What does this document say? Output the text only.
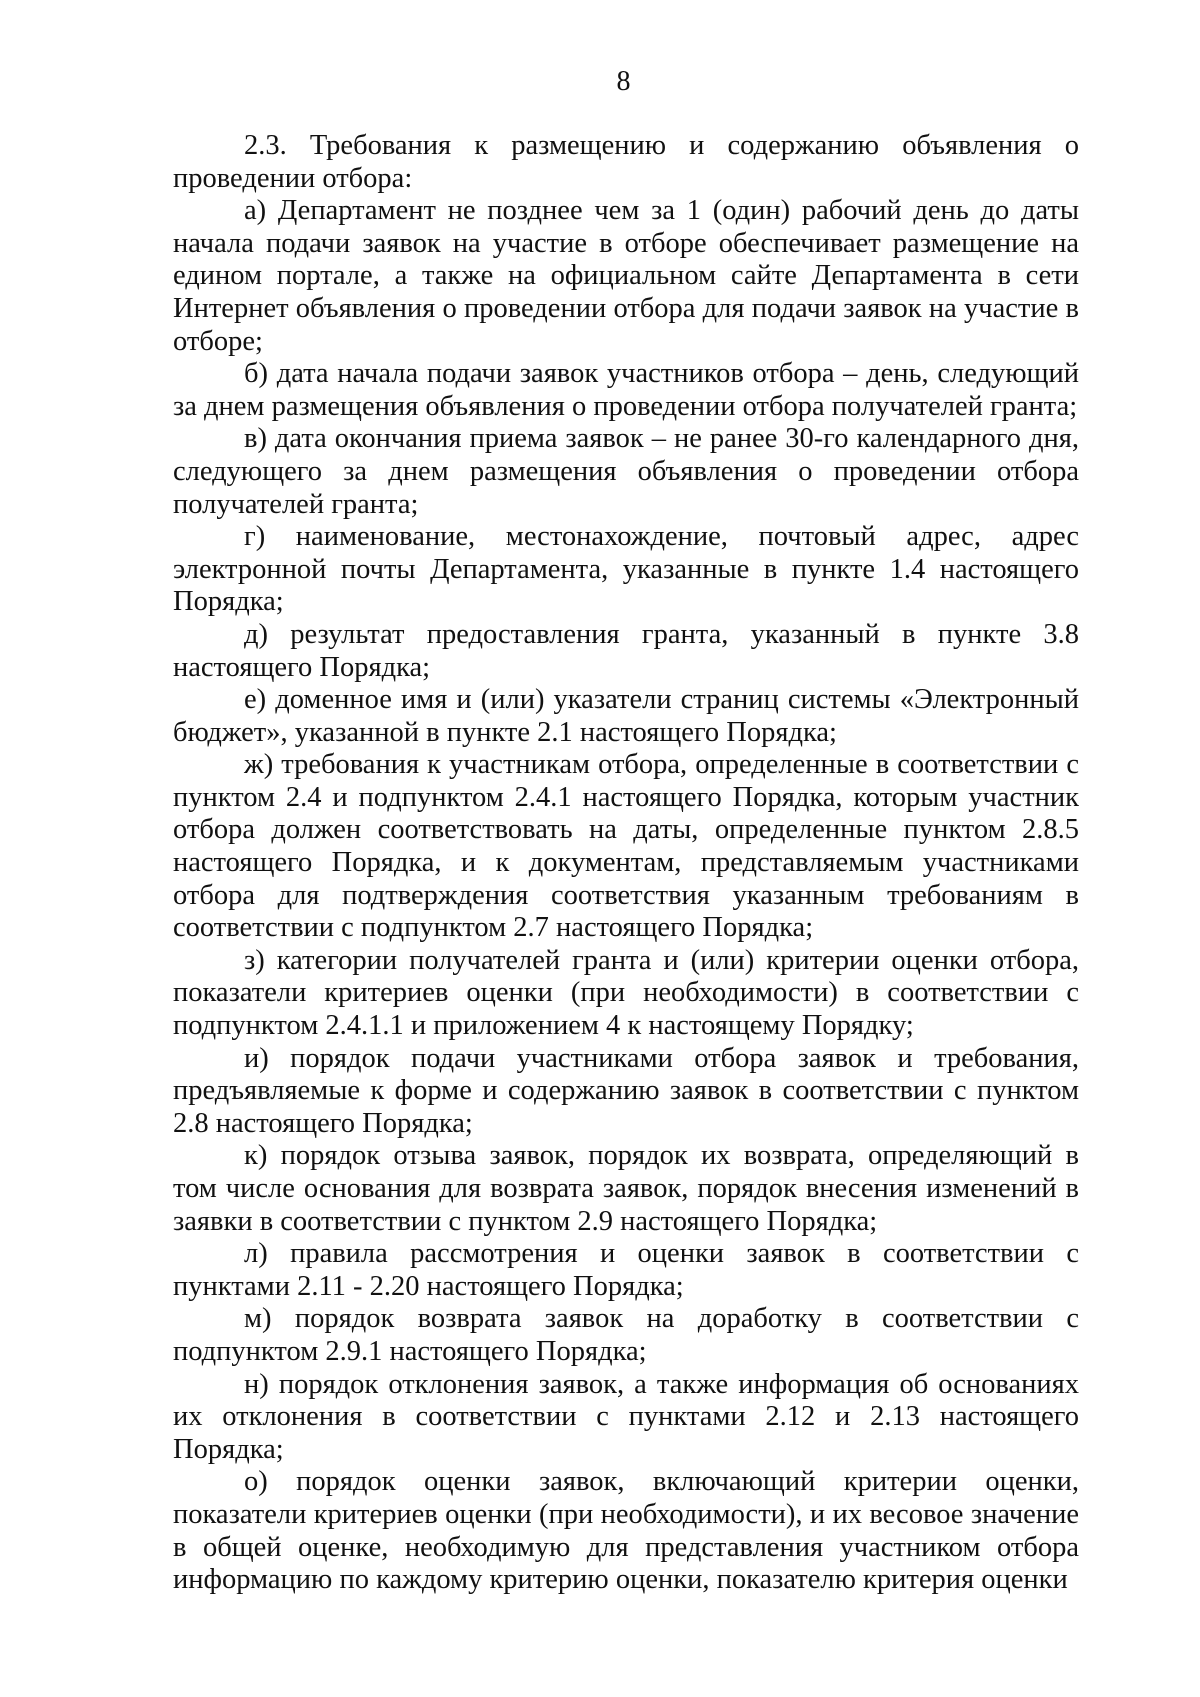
8

2.3. Требования к размещению и содержанию объявления о проведении отбора:

а) Департамент не позднее чем за 1 (один) рабочий день до даты начала подачи заявок на участие в отборе обеспечивает размещение на едином портале, а также на официальном сайте Департамента в сети Интернет объявления о проведении отбора для подачи заявок на участие в отборе;

б) дата начала подачи заявок участников отбора – день, следующий за днем размещения объявления о проведении отбора получателей гранта;

в) дата окончания приема заявок – не ранее 30-го календарного дня, следующего за днем размещения объявления о проведении отбора получателей гранта;

г) наименование, местонахождение, почтовый адрес, адрес электронной почты Департамента, указанные в пункте 1.4 настоящего Порядка;

д) результат предоставления гранта, указанный в пункте 3.8 настоящего Порядка;

е) доменное имя и (или) указатели страниц системы «Электронный бюджет», указанной в пункте 2.1 настоящего Порядка;

ж) требования к участникам отбора, определенные в соответствии с пунктом 2.4 и подпунктом 2.4.1 настоящего Порядка, которым участник отбора должен соответствовать на даты, определенные пунктом 2.8.5 настоящего Порядка, и к документам, представляемым участниками отбора для подтверждения соответствия указанным требованиям в соответствии с подпунктом 2.7 настоящего Порядка;

з) категории получателей гранта и (или) критерии оценки отбора, показатели критериев оценки (при необходимости) в соответствии с подпунктом 2.4.1.1 и приложением 4 к настоящему Порядку;

и) порядок подачи участниками отбора заявок и требования, предъявляемые к форме и содержанию заявок в соответствии с пунктом 2.8 настоящего Порядка;

к) порядок отзыва заявок, порядок их возврата, определяющий в том числе основания для возврата заявок, порядок внесения изменений в заявки в соответствии с пунктом 2.9 настоящего Порядка;

л) правила рассмотрения и оценки заявок в соответствии с пунктами 2.11 - 2.20 настоящего Порядка;

м) порядок возврата заявок на доработку в соответствии с подпунктом 2.9.1 настоящего Порядка;

н) порядок отклонения заявок, а также информация об основаниях их отклонения в соответствии с пунктами 2.12 и 2.13 настоящего Порядка;

о) порядок оценки заявок, включающий критерии оценки, показатели критериев оценки (при необходимости), и их весовое значение в общей оценке, необходимую для представления участником отбора информацию по каждому критерию оценки, показателю критерия оценки
